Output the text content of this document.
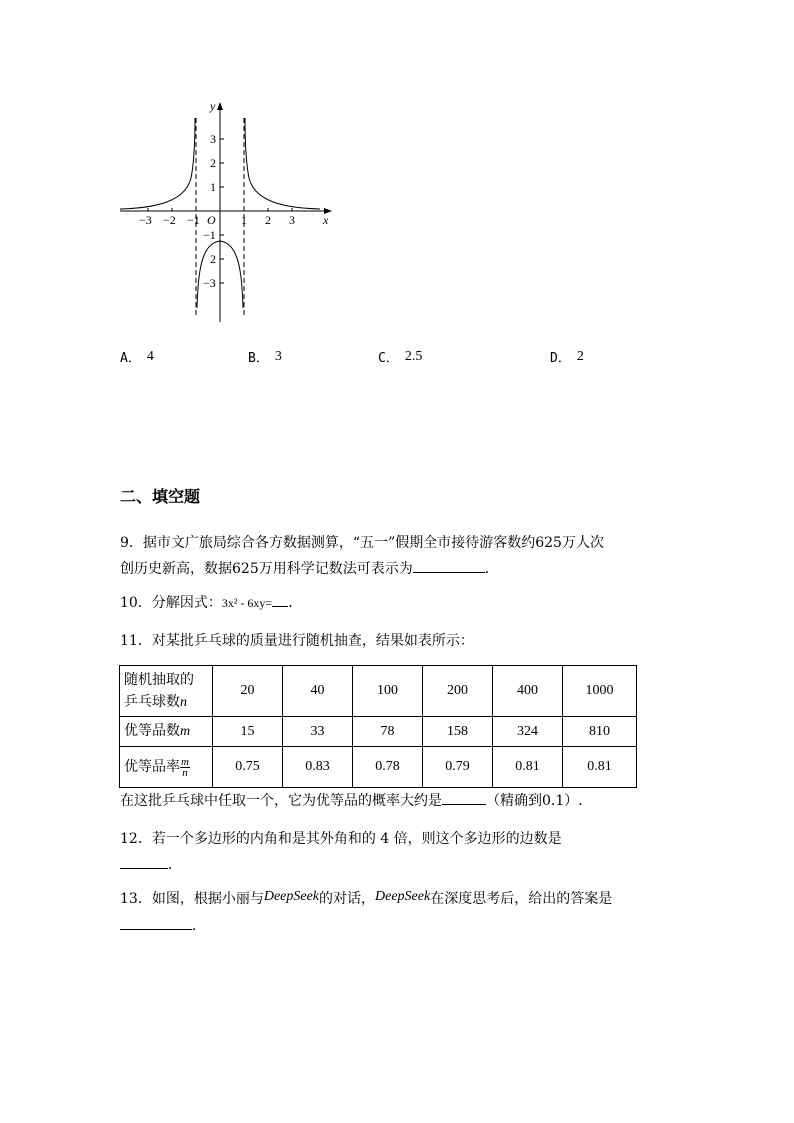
y
x
O
−3 −2 −1	1 2 3
3
2
1
−1
2
−3
A． 4	B． 3	C． 2.5	D． 2
二、填空题
9．据市文广旅局综合各方数据测算，“五一”假期全市接待游客数约625万人次
创历史新高，数据625万用科学记数法可表示为	．
10．分解因式：3x² - 6xy= ．
11．对某批乒乓球的质量进行随机抽查，结果如表所示：
随机抽取的
乒乓球数n	20	40	100	200	400	1000
优等品数m	15	33	78	158	324	810
优等品率 $\frac{m}{n}$	0.75	0.83	0.78	0.79	0.81	0.81
在这批乒乓球中任取一个，它为优等品的概率大约是	（精确到0.1）.
12．若一个多边形的内角和是其外角和的 4 倍，则这个多边形的边数是
．
13．如图，根据小丽与DeepSeek的对话，DeepSeek在深度思考后，给出的答案是
．
